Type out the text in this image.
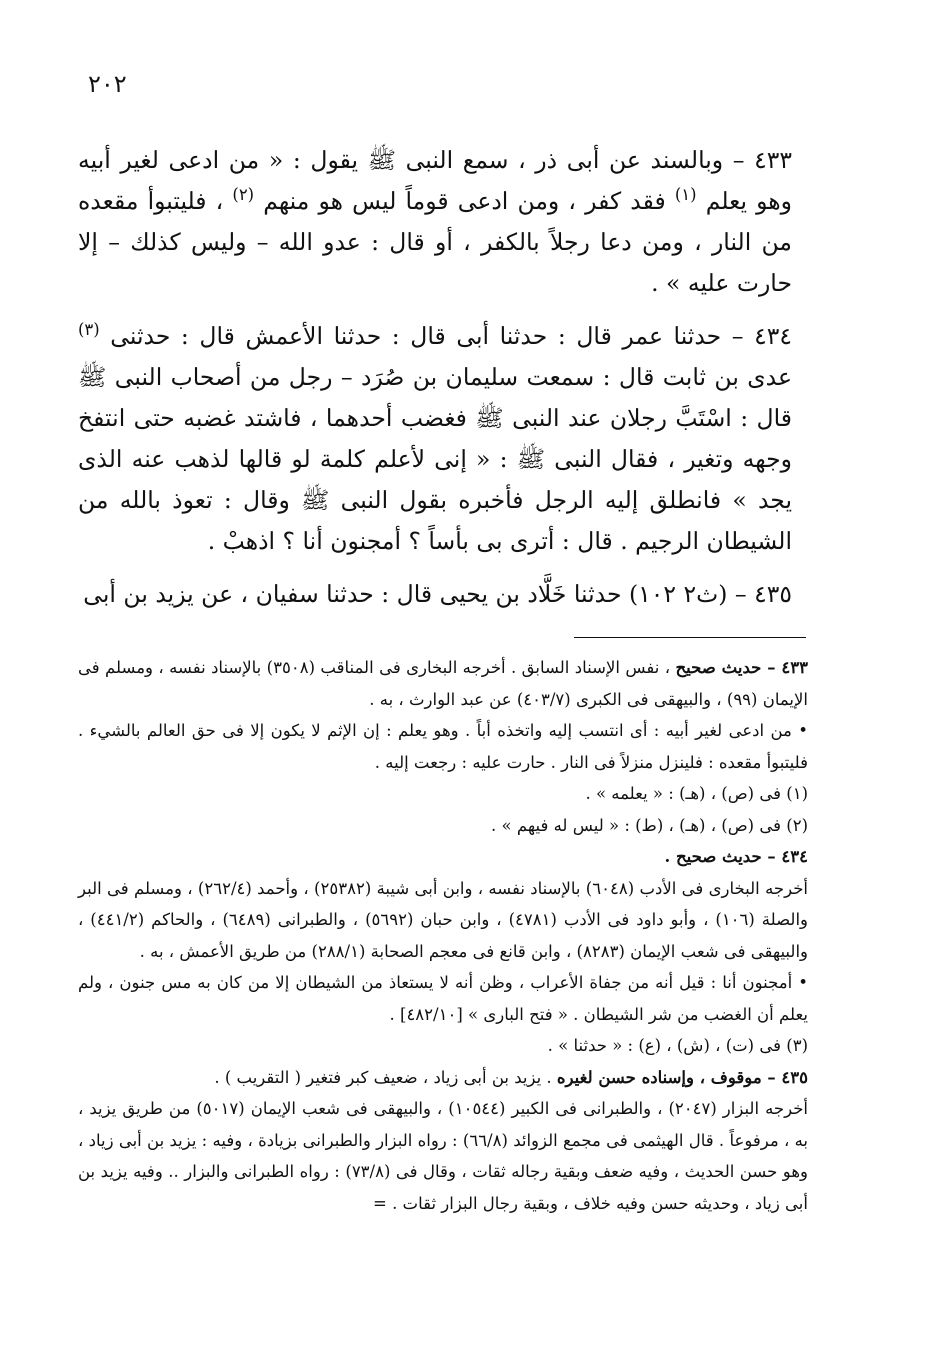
٢٠٢

٤٣٣ – وبالسند عن أبى ذر ، سمع النبى ﷺ يقول : « من ادعى لغير أبيه وهو يعلم $^{(١)}$ فقد كفر ، ومن ادعى قوماً ليس هو منهم $^{(٢)}$ ، فليتبوأ مقعده من النار ، ومن دعا رجلاً بالكفر ، أو قال : عدو الله – وليس كذلك – إلا حارت عليه » .

٤٣٤ – حدثنا عمر قال : حدثنا أبى قال : حدثنا الأعمش قال : حدثنى $^{(٣)}$ عدى بن ثابت قال : سمعت سليمان بن صُرَد – رجل من أصحاب النبى ﷺ قال : اسْتَبَّ رجلان عند النبى ﷺ فغضب أحدهما ، فاشتد غضبه حتى انتفخ وجهه وتغير ، فقال النبى ﷺ : « إنى لأعلم كلمة لو قالها لذهب عنه الذى يجد » فانطلق إليه الرجل فأخبره بقول النبى ﷺ وقال : تعوذ بالله من الشيطان الرجيم . قال : أترى بى بأساً ؟ أمجنون أنا ؟ اذهبْ .

٤٣٥ – (ث٢ ١٠٢) حدثنا خَلَّاد بن يحيى قال : حدثنا سفيان ، عن يزيد بن أبى

٤٣٣ – حديث صحيح ، نفس الإسناد السابق . أخرجه البخارى فى المناقب (٣٥٠٨) بالإسناد نفسه ، ومسلم فى الإيمان (٩٩) ، والبيهقى فى الكبرى (٤٠٣/٧) عن عبد الوارث ، به .

• من ادعى لغير أبيه : أى انتسب إليه واتخذه أباً . وهو يعلم : إن الإثم لا يكون إلا فى حق العالم بالشيء . فليتبوأ مقعده : فلينزل منزلاً فى النار . حارت عليه : رجعت إليه .

(١) فى (ص) ، (هـ) : « يعلمه » .

(٢) فى (ص) ، (هـ) ، (ط) : « ليس له فيهم » .

٤٣٤ – حديث صحيح .

أخرجه البخارى فى الأدب (٦٠٤٨) بالإسناد نفسه ، وابن أبى شيبة (٢٥٣٨٢) ، وأحمد (٢٦٢/٤) ، ومسلم فى البر والصلة (١٠٦) ، وأبو داود فى الأدب (٤٧٨١) ، وابن حبان (٥٦٩٢) ، والطبرانى (٦٤٨٩) ، والحاكم (٤٤١/٢) ، والبيهقى فى شعب الإيمان (٨٢٨٣) ، وابن قانع فى معجم الصحابة (٢٨٨/١) من طريق الأعمش ، به .

• أمجنون أنا : قيل أنه من جفاة الأعراب ، وظن أنه لا يستعاذ من الشيطان إلا من كان به مس جنون ، ولم يعلم أن الغضب من شر الشيطان . « فتح البارى » [٤٨٢/١٠] .

(٣) فى (ت) ، (ش) ، (ع) : « حدثنا » .

٤٣٥ – موقوف ، وإسناده حسن لغيره . يزيد بن أبى زياد ، ضعيف كبر فتغير ( التقريب ) .

أخرجه البزار (٢٠٤٧) ، والطبرانى فى الكبير (١٠٥٤٤) ، والبيهقى فى شعب الإيمان (٥٠١٧) من طريق يزيد ، به ، مرفوعاً . قال الهيثمى فى مجمع الزوائد (٦٦/٨) : رواه البزار والطبرانى بزيادة ، وفيه : يزيد بن أبى زياد ، وهو حسن الحديث ، وفيه ضعف وبقية رجاله ثقات ، وقال فى (٧٣/٨) : رواه الطبرانى والبزار .. وفيه يزيد بن أبى زياد ، وحديثه حسن وفيه خلاف ، وبقية رجال البزار ثقات . =
